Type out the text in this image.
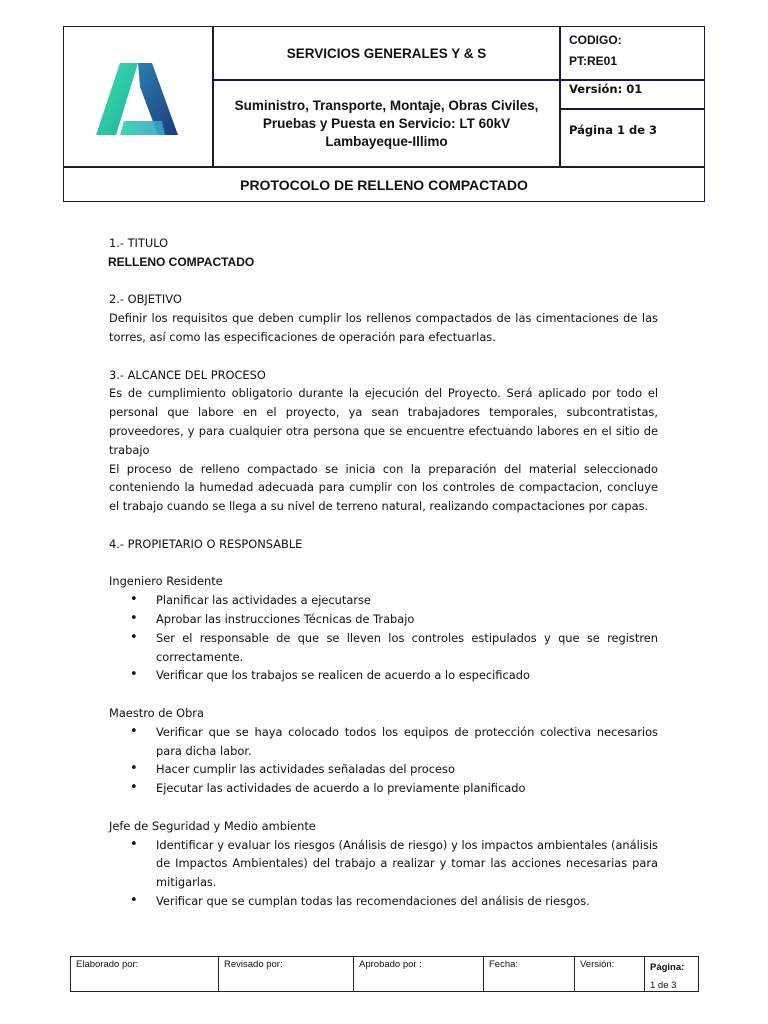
SERVICIOS GENERALES Y & S
Suministro, Transporte, Montaje, Obras Civiles,
Pruebas y Puesta en Servicio: LT 60kV
Lambayeque-Illimo
CODIGO:
PT:RE01
Versión: 01
Página 1 de 3
PROTOCOLO DE RELLENO COMPACTADO

1.- TITULO

RELLENO COMPACTADO

2.- OBJETIVO

Definir los requisitos que deben cumplir los rellenos compactados de las cimentaciones de las torres, así como las especificaciones de operación para efectuarlas.

3.- ALCANCE DEL PROCESO

Es de cumplimiento obligatorio durante la ejecución del Proyecto. Será aplicado por todo el personal que labore en el proyecto, ya sean trabajadores temporales, subcontratistas, proveedores, y para cualquier otra persona que se encuentre efectuando labores en el sitio de trabajo

El proceso de relleno compactado se inicia con la preparación del material seleccionado conteniendo la humedad adecuada para cumplir con los controles de compactacion, concluye el trabajo cuando se llega a su nivel de terreno natural, realizando compactaciones por capas.

4.- PROPIETARIO O RESPONSABLE

Ingeniero Residente

• Planificar las actividades a ejecutarse
• Aprobar las instrucciones Técnicas de Trabajo
• Ser el responsable de que se lleven los controles estipulados y que se registren correctamente.
• Verificar que los trabajos se realicen de acuerdo a lo especificado

Maestro de Obra

• Verificar que se haya colocado todos los equipos de protección colectiva necesarios para dicha labor.
• Hacer cumplir las actividades señaladas del proceso
• Ejecutar las actividades de acuerdo a lo previamente planificado

Jefe de Seguridad y Medio ambiente

• Identificar y evaluar los riesgos (Análisis de riesgo) y los impactos ambientales (análisis de Impactos Ambientales) del trabajo a realizar y tomar las acciones necesarias para mitigarlas.
• Verificar que se cumplan todas las recomendaciones del análisis de riesgos.
Elaborado por:	Revisado por:	Aprobado por :	Fecha:	Versión:	Página:
1 de 3
